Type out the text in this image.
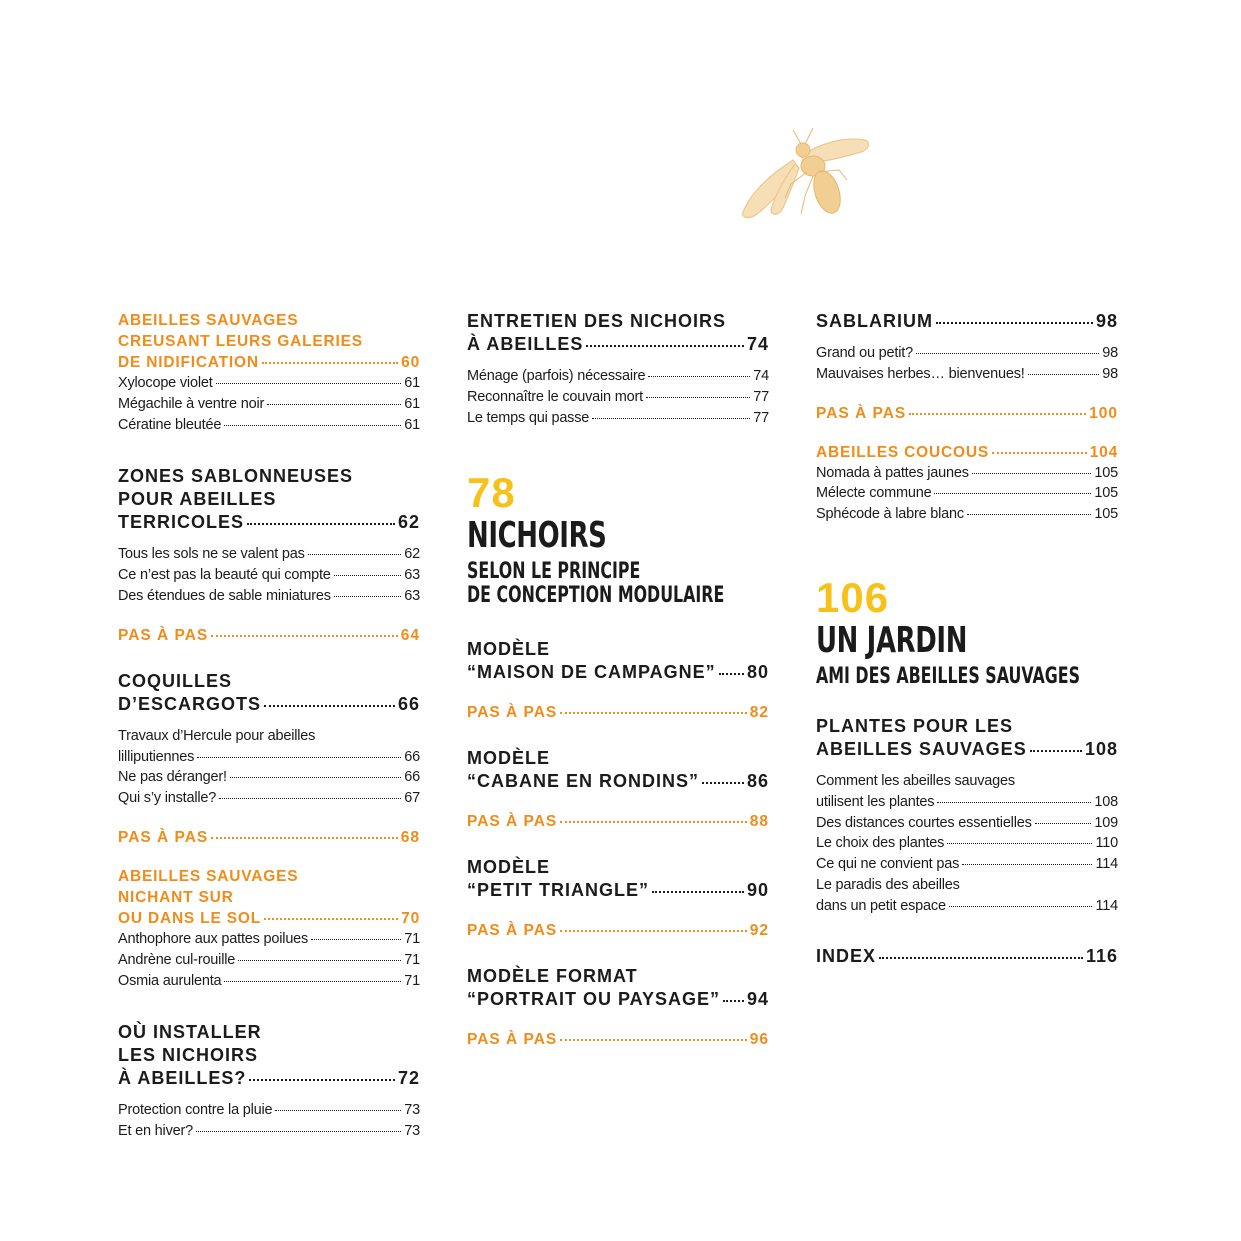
ABEILLES SAUVAGES
CREUSANT LEURS GALERIES
DE NIDIFICATION	60
Xylocope violet	61
Mégachile à ventre noir	61
Cératine bleutée	61
ZONES SABLONNEUSES
POUR ABEILLES
TERRICOLES	62
Tous les sols ne se valent pas	62
Ce n’est pas la beauté qui compte	63
Des étendues de sable miniatures	63
PAS À PAS	64
COQUILLES
D’ESCARGOTS	66
Travaux d’Hercule pour abeilles
lilliputiennes	66
Ne pas déranger!	66
Qui s’y installe?	67
PAS À PAS	68
ABEILLES SAUVAGES
NICHANT SUR
OU DANS LE SOL	70
Anthophore aux pattes poilues	71
Andrène cul-rouille	71
Osmia aurulenta	71
OÙ INSTALLER
LES NICHOIRS
À ABEILLES?	72
Protection contre la pluie	73
Et en hiver?	73
ENTRETIEN DES NICHOIRS
À ABEILLES	74
Ménage (parfois) nécessaire	74
Reconnaître le couvain mort	77
Le temps qui passe	77
78
NICHOIRS
SELON LE PRINCIPE
DE CONCEPTION MODULAIRE
MODÈLE
“MAISON DE CAMPAGNE” 80
PAS À PAS	82
MODÈLE
“CABANE EN RONDINS”	86
PAS À PAS	88
MODÈLE
“PETIT TRIANGLE”	90
PAS À PAS	92
MODÈLE FORMAT
“PORTRAIT OU PAYSAGE” 94
PAS À PAS	96
SABLARIUM	98
Grand ou petit?	98
Mauvaises herbes… bienvenues!	98
PAS À PAS	100
ABEILLES COUCOUS	104
Nomada à pattes jaunes	105
Mélecte commune	105
Sphécode à labre blanc	105
106
UN JARDIN
AMI DES ABEILLES SAUVAGES
PLANTES POUR LES
ABEILLES SAUVAGES	108
Comment les abeilles sauvages
utilisent les plantes	108
Des distances courtes essentielles	109
Le choix des plantes	110
Ce qui ne convient pas	114
Le paradis des abeilles
dans un petit espace	114
INDEX	116
